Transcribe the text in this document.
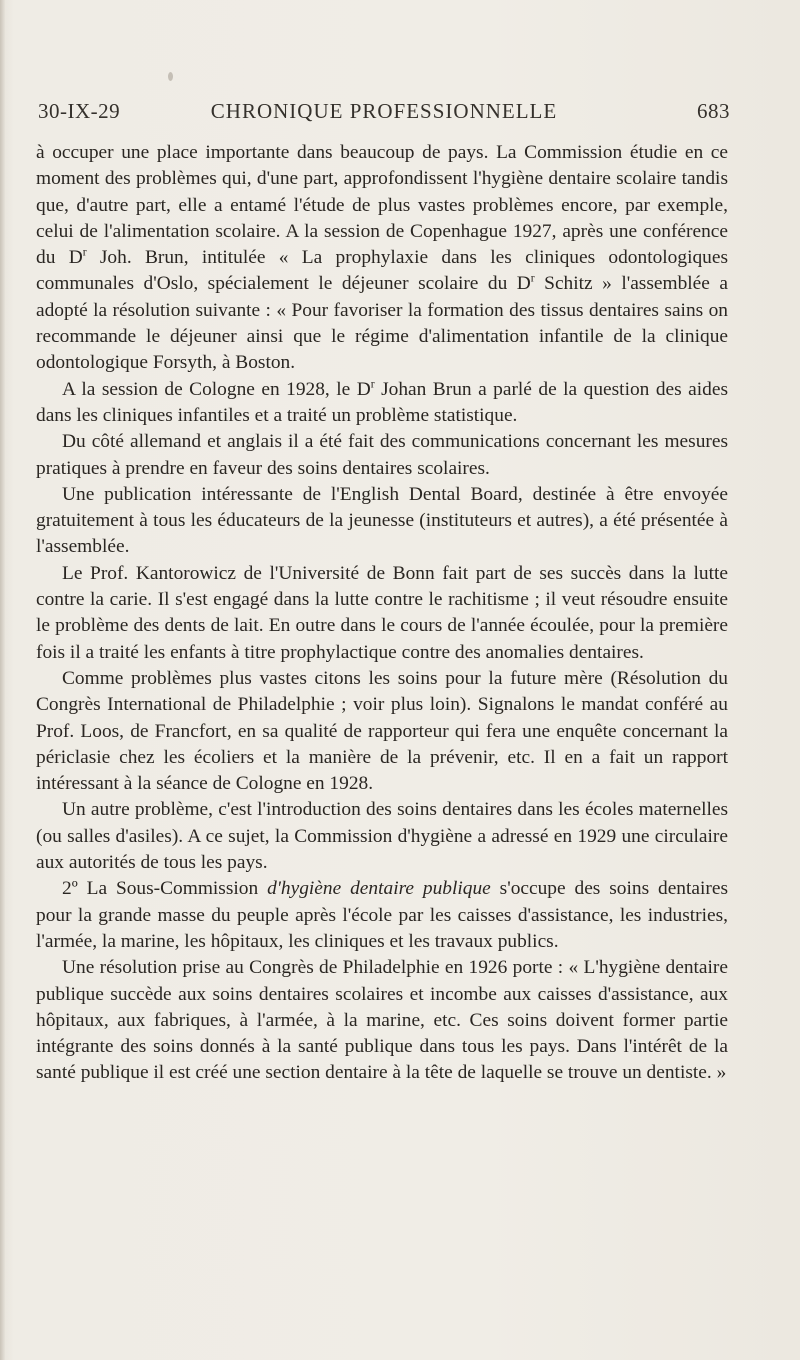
30-IX-29	CHRONIQUE PROFESSIONNELLE	683

à occuper une place importante dans beaucoup de pays. La Commission étudie en ce moment des problèmes qui, d'une part, approfondissent l'hygiène dentaire scolaire tandis que, d'autre part, elle a entamé l'étude de plus vastes problèmes encore, par exemple, celui de l'alimentation scolaire. A la session de Copenhague 1927, après une conférence du $D^r$ Joh. Brun, intitulée « La prophylaxie dans les cliniques odontologiques communales d'Oslo, spécialement le déjeuner scolaire du $D^r$ Schitz » l'assemblée a adopté la résolution suivante : « Pour favoriser la formation des tissus dentaires sains on recommande le déjeuner ainsi que le régime d'alimentation infantile de la clinique odontologique Forsyth, à Boston.

A la session de Cologne en 1928, le $D^r$ Johan Brun a parlé de la question des aides dans les cliniques infantiles et a traité un problème statistique.

Du côté allemand et anglais il a été fait des communications concernant les mesures pratiques à prendre en faveur des soins dentaires scolaires.

Une publication intéressante de l'English Dental Board, destinée à être envoyée gratuitement à tous les éducateurs de la jeunesse (instituteurs et autres), a été présentée à l'assemblée.

Le Prof. Kantorowicz de l'Université de Bonn fait part de ses succès dans la lutte contre la carie. Il s'est engagé dans la lutte contre le rachitisme ; il veut résoudre ensuite le problème des dents de lait. En outre dans le cours de l'année écoulée, pour la première fois il a traité les enfants à titre prophylactique contre des anomalies dentaires.

Comme problèmes plus vastes citons les soins pour la future mère (Résolution du Congrès International de Philadelphie ; voir plus loin). Signalons le mandat conféré au Prof. Loos, de Francfort, en sa qualité de rapporteur qui fera une enquête concernant la périclasie chez les écoliers et la manière de la prévenir, etc. Il en a fait un rapport intéressant à la séance de Cologne en 1928.

Un autre problème, c'est l'introduction des soins dentaires dans les écoles maternelles (ou salles d'asiles). A ce sujet, la Commission d'hygiène a adressé en 1929 une circulaire aux autorités de tous les pays.

2º La Sous-Commission d'hygiène dentaire publique s'occupe des soins dentaires pour la grande masse du peuple après l'école par les caisses d'assistance, les industries, l'armée, la marine, les hôpitaux, les cliniques et les travaux publics.

Une résolution prise au Congrès de Philadelphie en 1926 porte : « L'hygiène dentaire publique succède aux soins dentaires scolaires et incombe aux caisses d'assistance, aux hôpitaux, aux fabriques, à l'armée, à la marine, etc. Ces soins doivent former partie intégrante des soins donnés à la santé publique dans tous les pays. Dans l'intérêt de la santé publique il est créé une section dentaire à la tête de laquelle se trouve un dentiste. »
